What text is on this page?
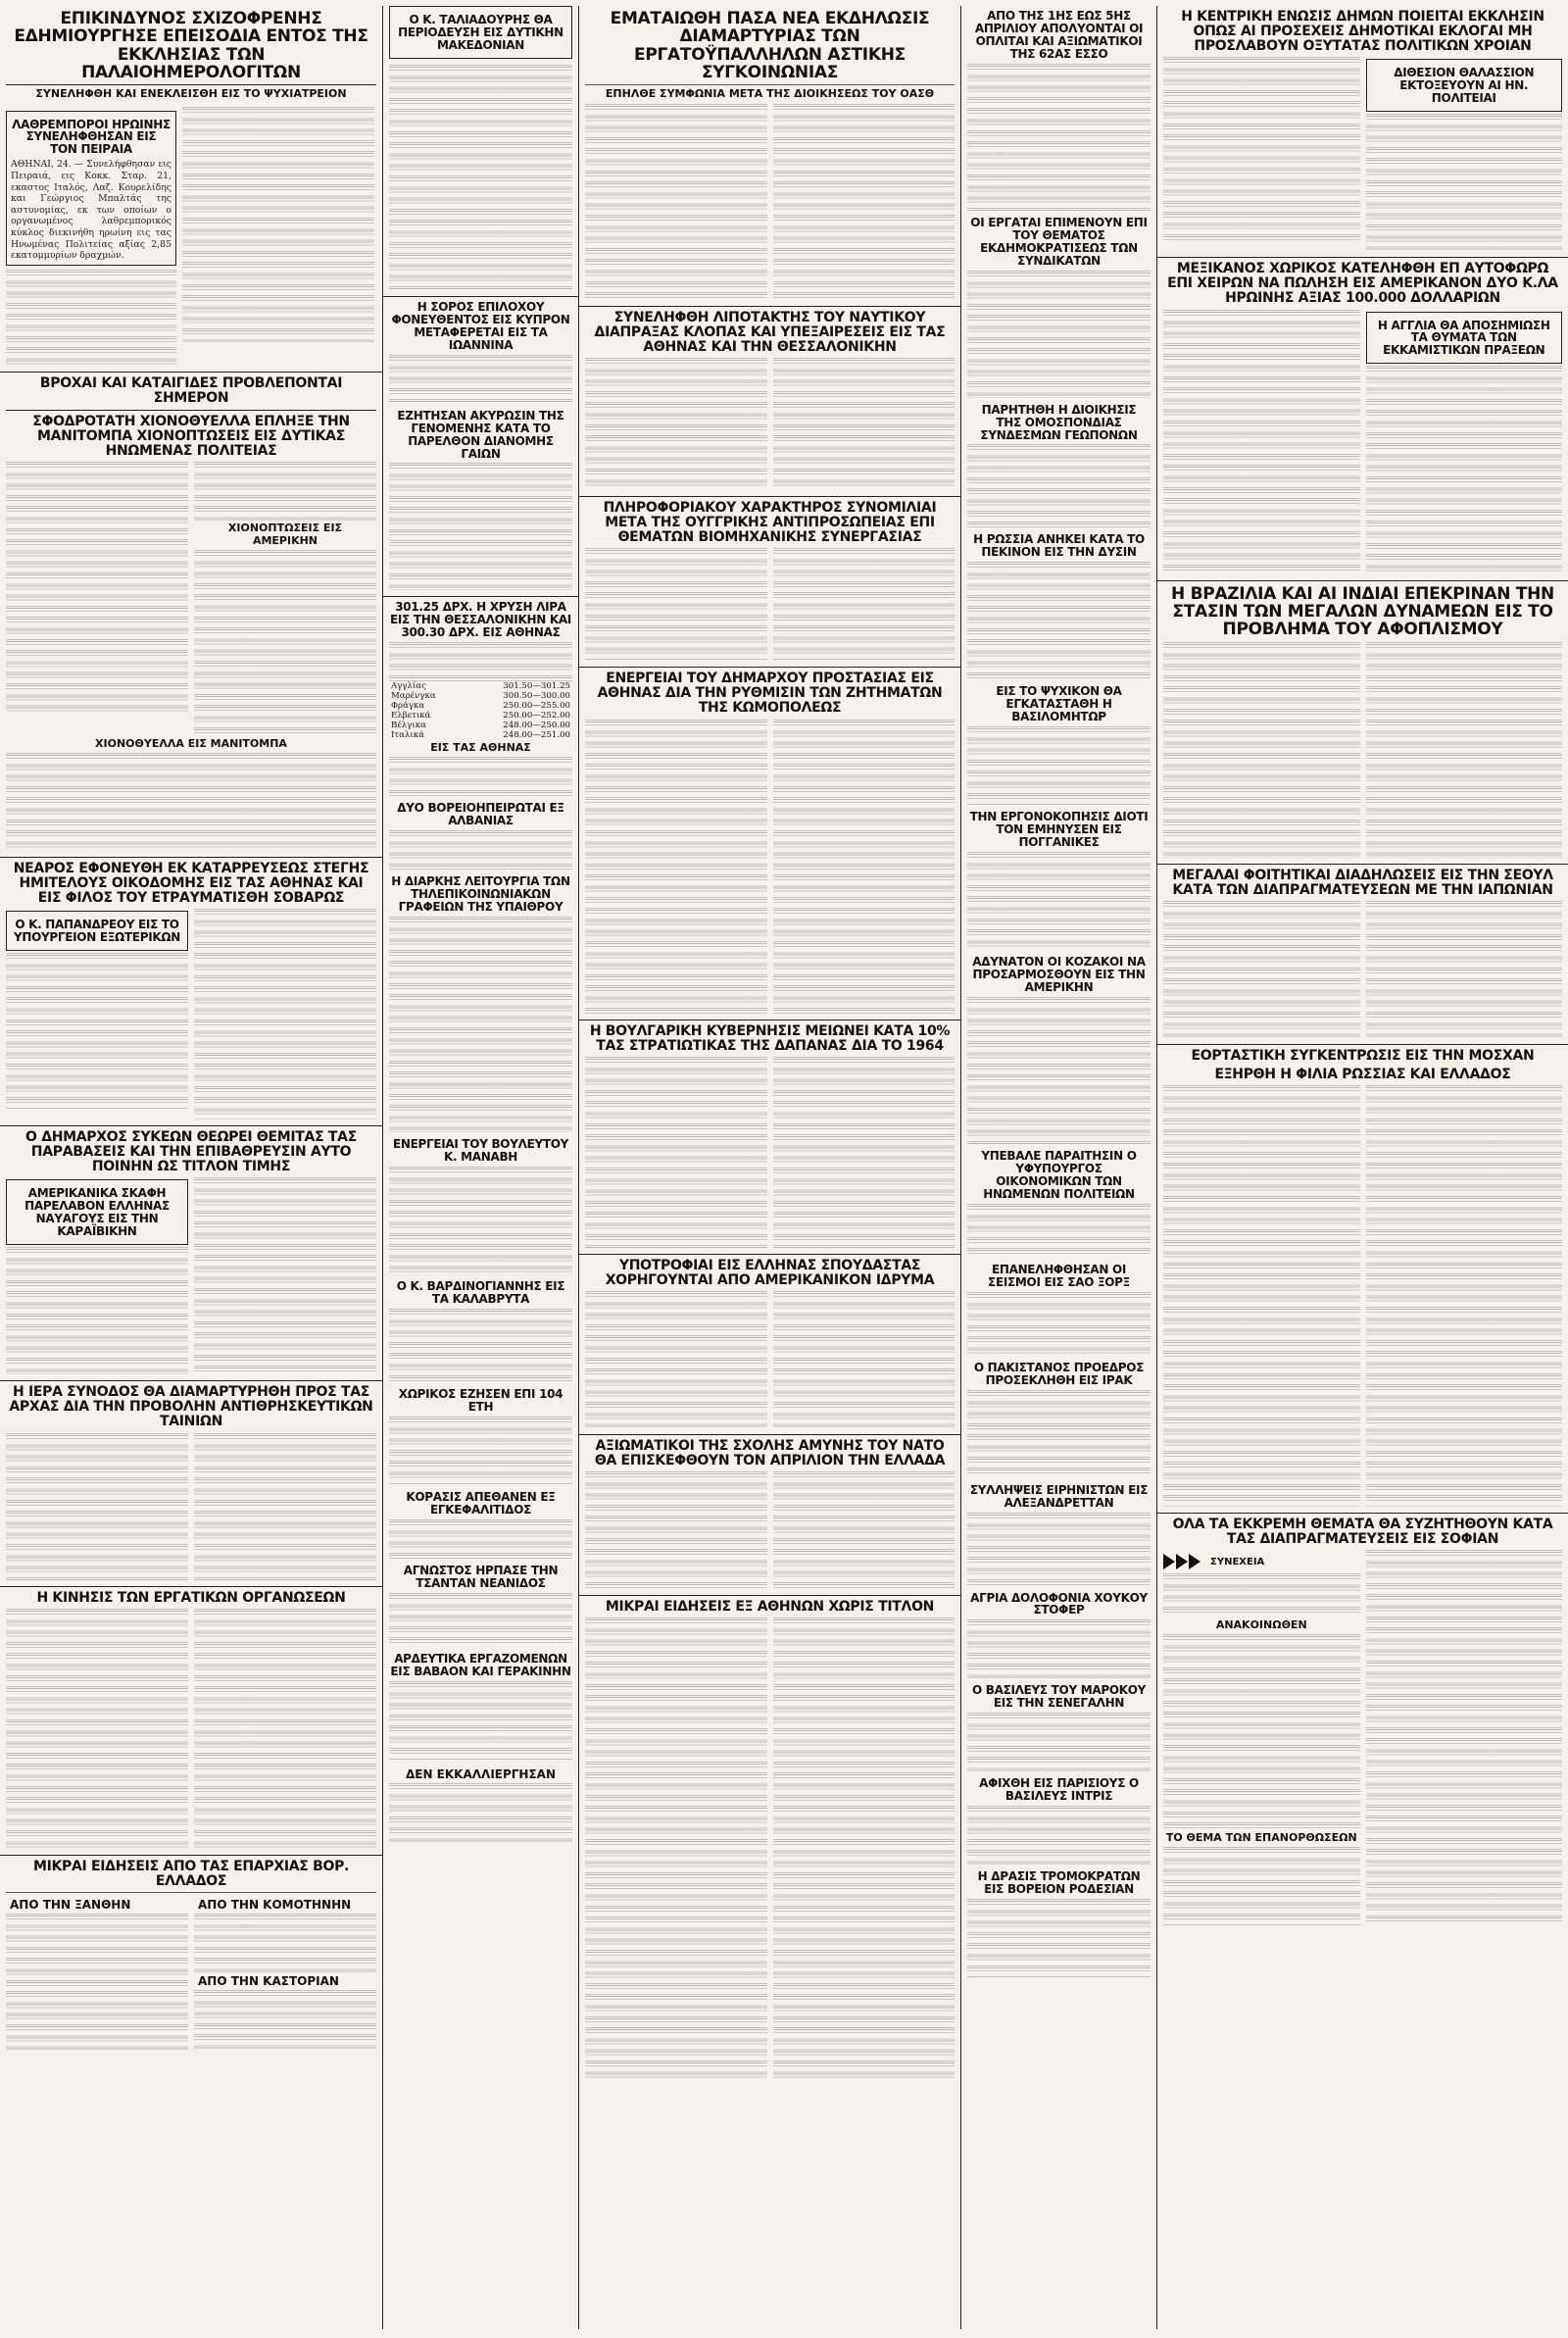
ΕΠΙΚΙΝΔΥΝΟΣ ΣΧΙΖΟΦΡΕΝΗΣ ΕΔΗΜΙΟΥΡΓΗΣΕ ΕΠΕΙΣΟΔΙΑ ΕΝΤΟΣ ΤΗΣ ΕΚΚΛΗΣΙΑΣ ΤΩΝ ΠΑΛΑΙΟΗΜΕΡΟΛΟΓΙΤΩΝ
ΣΥΝΕΛΗΦΘΗ ΚΑΙ ΕΝΕΚΛΕΙΣΘΗ ΕΙΣ ΤΟ ΨΥΧΙΑΤΡΕΙΟΝ
ΛΑΘΡΕΜΠΟΡΟΙ ΗΡΩΙΝΗΣ ΣΥΝΕΛΗΦΘΗΣΑΝ ΕΙΣ ΤΟΝ ΠΕΙΡΑΙΑ
ΑΘΗΝΑΙ, 24. — Συνελήφθησαν εις Πειραιά, εις Κοκκ. Σταρ. 21, εκαστος Ιταλός, Λαζ. Κουρελίδης και Γεώργιος Μπαλτάς της αστυνομίας, εκ των οποίων ο οργανωμένος λαθρεμπορικός κύκλος διεκινήθη ηρωίνη εις τας Ηνωμένας Πολιτείας αξίας 2,85 εκατομμυρίων δραχμών.
ΒΡΟΧΑΙ ΚΑΙ ΚΑΤΑΙΓΙΔΕΣ ΠΡΟΒΛΕΠΟΝΤΑΙ ΣΗΜΕΡΟΝ
ΣΦΟΔΡΟΤΑΤΗ ΧΙΟΝΟΘΥΕΛΛΑ ΕΠΛΗΞΕ ΤΗΝ ΜΑΝΙΤΟΜΠΑ ΧΙΟΝΟΠΤΩΣΕΙΣ ΕΙΣ ΔΥΤΙΚΑΣ ΗΝΩΜΕΝΑΣ ΠΟΛΙΤΕΙΑΣ
ΧΙΟΝΟΠΤΩΣΕΙΣ ΕΙΣ ΑΜΕΡΙΚΗΝ
ΧΙΟΝΟΘΥΕΛΛΑ ΕΙΣ ΜΑΝΙΤΟΜΠΑ
ΝΕΑΡΟΣ ΕΦΟΝΕΥΘΗ ΕΚ ΚΑΤΑΡΡΕΥΣΕΩΣ ΣΤΕΓΗΣ ΗΜΙΤΕΛΟΥΣ ΟΙΚΟΔΟΜΗΣ ΕΙΣ ΤΑΣ ΑΘΗΝΑΣ ΚΑΙ ΕΙΣ ΦΙΛΟΣ ΤΟΥ ΕΤΡΑΥΜΑΤΙΣΘΗ ΣΟΒΑΡΩΣ
Ο Κ. ΠΑΠΑΝΔΡΕΟΥ ΕΙΣ ΤΟ ΥΠΟΥΡΓΕΙΟΝ ΕΞΩΤΕΡΙΚΩΝ
Ο ΔΗΜΑΡΧΟΣ ΣΥΚΕΩΝ ΘΕΩΡΕΙ ΘΕΜΙΤΑΣ ΤΑΣ ΠΑΡΑΒΑΣΕΙΣ ΚΑΙ ΤΗΝ ΕΠΙΒΑΘΡΕΥΣΙΝ ΑΥΤΟ ΠΟΙΝΗΝ ΩΣ ΤΙΤΛΟΝ ΤΙΜΗΣ
ΑΜΕΡΙΚΑΝΙΚΑ ΣΚΑΦΗ ΠΑΡΕΛΑΒΟΝ ΕΛΛΗΝΑΣ ΝΑΥΑΓΟΥΣ ΕΙΣ ΤΗΝ ΚΑΡΑΪΒΙΚΗΝ
Η ΙΕΡΑ ΣΥΝΟΔΟΣ ΘΑ ΔΙΑΜΑΡΤΥΡΗΘΗ ΠΡΟΣ ΤΑΣ ΑΡΧΑΣ ΔΙΑ ΤΗΝ ΠΡΟΒΟΛΗΝ ΑΝΤΙΘΡΗΣΚΕΥΤΙΚΩΝ ΤΑΙΝΙΩΝ
Η ΚΙΝΗΣΙΣ ΤΩΝ ΕΡΓΑΤΙΚΩΝ ΟΡΓΑΝΩΣΕΩΝ
ΜΙΚΡΑΙ ΕΙΔΗΣΕΙΣ ΑΠΟ ΤΑΣ ΕΠΑΡΧΙΑΣ ΒΟΡ. ΕΛΛΑΔΟΣ
ΑΠΟ ΤΗΝ ΞΑΝΘΗΝ	ΑΠΟ ΤΗΝ ΚΟΜΟΤΗΝΗΝ
ΑΠΟ ΤΗΝ ΚΑΣΤΟΡΙΑΝ
Ο Κ. ΤΑΛΙΑΔΟΥΡΗΣ ΘΑ ΠΕΡΙΟΔΕΥΣΗ ΕΙΣ ΔΥΤΙΚΗΝ ΜΑΚΕΔΟΝΙΑΝ
Η ΣΟΡΟΣ ΕΠΙΛΟΧΟΥ ΦΟΝΕΥΘΕΝΤΟΣ ΕΙΣ ΚΥΠΡΟΝ ΜΕΤΑΦΕΡΕΤΑΙ ΕΙΣ ΤΑ ΙΩΑΝΝΙΝΑ
ΕΖΗΤΗΣΑΝ ΑΚΥΡΩΣΙΝ ΤΗΣ ΓΕΝΟΜΕΝΗΣ ΚΑΤΑ ΤΟ ΠΑΡΕΛΘΟΝ ΔΙΑΝΟΜΗΣ ΓΑΙΩΝ
301.25 ΔΡΧ. Η ΧΡΥΣΗ ΛΙΡΑ ΕΙΣ ΤΗΝ ΘΕΣΣΑΛΟΝΙΚΗΝ ΚΑΙ 300.30 ΔΡΧ. ΕΙΣ ΑΘΗΝΑΣ
Αγγλίας	301.50—301.25
Μαρένγκα	300.50—300.00
Φράγκα	250.00—255.00
Ελβετικά	250.00—252.00
Βέλγικα	248.00—250.00
Ιταλικά	248.00—251.00
ΕΙΣ ΤΑΣ ΑΘΗΝΑΣ
ΔΥΟ ΒΟΡΕΙΟΗΠΕΙΡΩΤΑΙ ΕΞ ΑΛΒΑΝΙΑΣ
Η ΔΙΑΡΚΗΣ ΛΕΙΤΟΥΡΓΙΑ ΤΩΝ ΤΗΛΕΠΙΚΟΙΝΩΝΙΑΚΩΝ ΓΡΑΦΕΙΩΝ ΤΗΣ ΥΠΑΙΘΡΟΥ
ΕΝΕΡΓΕΙΑΙ ΤΟΥ ΒΟΥΛΕΥΤΟΥ Κ. ΜΑΝΑΒΗ
Ο Κ. ΒΑΡΔΙΝΟΓΙΑΝΝΗΣ ΕΙΣ ΤΑ ΚΑΛΑΒΡΥΤΑ
ΧΩΡΙΚΟΣ ΕΖΗΣΕΝ ΕΠΙ 104 ΕΤΗ
ΚΟΡΑΣΙΣ ΑΠΕΘΑΝΕΝ ΕΞ ΕΓΚΕΦΑΛΙΤΙΔΟΣ
ΑΓΝΩΣΤΟΣ ΗΡΠΑΣΕ ΤΗΝ ΤΣΑΝΤΑΝ ΝΕΑΝΙΔΟΣ
ΑΡΔΕΥΤΙΚΑ ΕΡΓΑΖΟΜΕΝΩΝ ΕΙΣ ΒΑΒΑΟΝ ΚΑΙ ΓΕΡΑΚΙΝΗΝ
ΔΕΝ ΕΚΚΑΛΛΙΕΡΓΗΣΑΝ
ΕΜΑΤΑΙΩΘΗ ΠΑΣΑ ΝΕΑ ΕΚΔΗΛΩΣΙΣ ΔΙΑΜΑΡΤΥΡΙΑΣ ΤΩΝ ΕΡΓΑΤΟΫΠΑΛΛΗΛΩΝ ΑΣΤΙΚΗΣ ΣΥΓΚΟΙΝΩΝΙΑΣ
ΕΠΗΛΘΕ ΣΥΜΦΩΝΙΑ ΜΕΤΑ ΤΗΣ ΔΙΟΙΚΗΣΕΩΣ ΤΟΥ ΟΑΣΘ
ΣΥΝΕΛΗΦΘΗ ΛΙΠΟΤΑΚΤΗΣ ΤΟΥ ΝΑΥΤΙΚΟΥ ΔΙΑΠΡΑΞΑΣ ΚΛΟΠΑΣ ΚΑΙ ΥΠΕΞΑΙΡΕΣΕΙΣ ΕΙΣ ΤΑΣ ΑΘΗΝΑΣ ΚΑΙ ΤΗΝ ΘΕΣΣΑΛΟΝΙΚΗΝ
ΠΛΗΡΟΦΟΡΙΑΚΟΥ ΧΑΡΑΚΤΗΡΟΣ ΣΥΝΟΜΙΛΙΑΙ ΜΕΤΑ ΤΗΣ ΟΥΓΓΡΙΚΗΣ ΑΝΤΙΠΡΟΣΩΠΕΙΑΣ ΕΠΙ ΘΕΜΑΤΩΝ ΒΙΟΜΗΧΑΝΙΚΗΣ ΣΥΝΕΡΓΑΣΙΑΣ
ΕΝΕΡΓΕΙΑΙ ΤΟΥ ΔΗΜΑΡΧΟΥ ΠΡΟΣΤΑΣΙΑΣ ΕΙΣ ΑΘΗΝΑΣ ΔΙΑ ΤΗΝ ΡΥΘΜΙΣΙΝ ΤΩΝ ΖΗΤΗΜΑΤΩΝ ΤΗΣ ΚΩΜΟΠΟΛΕΩΣ
Η ΒΟΥΛΓΑΡΙΚΗ ΚΥΒΕΡΝΗΣΙΣ ΜΕΙΩΝΕΙ ΚΑΤΑ 10% ΤΑΣ ΣΤΡΑΤΙΩΤΙΚΑΣ ΤΗΣ ΔΑΠΑΝΑΣ ΔΙΑ ΤΟ 1964
ΥΠΟΤΡΟΦΙΑΙ ΕΙΣ ΕΛΛΗΝΑΣ ΣΠΟΥΔΑΣΤΑΣ ΧΟΡΗΓΟΥΝΤΑΙ ΑΠΟ ΑΜΕΡΙΚΑΝΙΚΟΝ ΙΔΡΥΜΑ
ΑΞΙΩΜΑΤΙΚΟΙ ΤΗΣ ΣΧΟΛΗΣ ΑΜΥΝΗΣ ΤΟΥ ΝΑΤΟ ΘΑ ΕΠΙΣΚΕΦΘΟΥΝ ΤΟΝ ΑΠΡΙΛΙΟΝ ΤΗΝ ΕΛΛΑΔΑ
ΜΙΚΡΑΙ ΕΙΔΗΣΕΙΣ ΕΞ ΑΘΗΝΩΝ ΧΩΡΙΣ ΤΙΤΛΟΝ
ΑΠΟ ΤΗΣ 1ΗΣ ΕΩΣ 5ΗΣ ΑΠΡΙΛΙΟΥ ΑΠΟΛΥΟΝΤΑΙ ΟΙ ΟΠΛΙΤΑΙ ΚΑΙ ΑΞΙΩΜΑΤΙΚΟΙ ΤΗΣ 62ΑΣ ΕΣΣΟ
ΟΙ ΕΡΓΑΤΑΙ ΕΠΙΜΕΝΟΥΝ ΕΠΙ ΤΟΥ ΘΕΜΑΤΟΣ ΕΚΔΗΜΟΚΡΑΤΙΣΕΩΣ ΤΩΝ ΣΥΝΔΙΚΑΤΩΝ
ΠΑΡΗΤΗΘΗ Η ΔΙΟΙΚΗΣΙΣ ΤΗΣ ΟΜΟΣΠΟΝΔΙΑΣ ΣΥΝΔΕΣΜΩΝ ΓΕΩΠΟΝΩΝ
Η ΡΩΣΣΙΑ ΑΝΗΚΕΙ ΚΑΤΑ ΤΟ ΠΕΚΙΝΟΝ ΕΙΣ ΤΗΝ ΔΥΣΙΝ
ΕΙΣ ΤΟ ΨΥΧΙΚΟΝ ΘΑ ΕΓΚΑΤΑΣΤΑΘΗ Η ΒΑΣΙΛΟΜΗΤΩΡ
ΤΗΝ ΕΡΓΟΝΟΚΟΠΗΣΙΣ ΔΙΟΤΙ ΤΟΝ ΕΜΗΝΥΣΕΝ ΕΙΣ ΠΟΓΓΑΝΙΚΕΣ
ΑΔΥΝΑΤΟΝ ΟΙ ΚΟΖΑΚΟΙ ΝΑ ΠΡΟΣΑΡΜΟΣΘΟΥΝ ΕΙΣ ΤΗΝ ΑΜΕΡΙΚΗΝ
ΥΠΕΒΑΛΕ ΠΑΡΑΙΤΗΣΙΝ Ο ΥΦΥΠΟΥΡΓΟΣ ΟΙΚΟΝΟΜΙΚΩΝ ΤΩΝ ΗΝΩΜΕΝΩΝ ΠΟΛΙΤΕΙΩΝ
ΕΠΑΝΕΛΗΦΘΗΣΑΝ ΟΙ ΣΕΙΣΜΟΙ ΕΙΣ ΣΑΟ ΞΟΡΞ
Ο ΠΑΚΙΣΤΑΝΟΣ ΠΡΟΕΔΡΟΣ ΠΡΟΣΕΚΛΗΘΗ ΕΙΣ ΙΡΑΚ
ΣΥΛΛΗΨΕΙΣ ΕΙΡΗΝΙΣΤΩΝ ΕΙΣ ΑΛΕΞΑΝΔΡΕΤΤΑΝ
ΑΓΡΙΑ ΔΟΛΟΦΟΝΙΑ ΧΟΥΚΟΥ ΣΤΟΦΕΡ
Ο ΒΑΣΙΛΕΥΣ ΤΟΥ ΜΑΡΟΚΟΥ ΕΙΣ ΤΗΝ ΣΕΝΕΓΑΛΗΝ
ΑΦΙΧΘΗ ΕΙΣ ΠΑΡΙΣΙΟΥΣ Ο ΒΑΣΙΛΕΥΣ ΙΝΤΡΙΣ
Η ΔΡΑΣΙΣ ΤΡΟΜΟΚΡΑΤΩΝ ΕΙΣ ΒΟΡΕΙΟΝ ΡΟΔΕΣΙΑΝ
Η ΚΕΝΤΡΙΚΗ ΕΝΩΣΙΣ ΔΗΜΩΝ ΠΟΙΕΙΤΑΙ ΕΚΚΛΗΣΙΝ ΟΠΩΣ ΑΙ ΠΡΟΣΕΧΕΙΣ ΔΗΜΟΤΙΚΑΙ ΕΚΛΟΓΑΙ ΜΗ ΠΡΟΣΛΑΒΟΥΝ ΟΞΥΤΑΤΑΣ ΠΟΛΙΤΙΚΩΝ ΧΡΟΙΑΝ
ΔΙΘΕΣΙΟΝ ΘΑΛΑΣΣΙΟΝ ΕΚΤΟΞΕΥΟΥΝ ΑΙ ΗΝ. ΠΟΛΙΤΕΙΑΙ
ΜΕΞΙΚΑΝΟΣ ΧΩΡΙΚΟΣ ΚΑΤΕΛΗΦΘΗ ΕΠ ΑΥΤΟΦΩΡΩ ΕΠΙ ΧΕΙΡΩΝ ΝΑ ΠΩΛΗΣΗ ΕΙΣ ΑΜΕΡΙΚΑΝΟΝ ΔΥΟ Κ.ΛΑ ΗΡΩΙΝΗΣ ΑΞΙΑΣ 100.000 ΔΟΛΛΑΡΙΩΝ
Η ΑΓΓΛΙΑ ΘΑ ΑΠΟΣΗΜΙΩΣΗ ΤΑ ΘΥΜΑΤΑ ΤΩΝ ΕΚΚΑΜΙΣΤΙΚΩΝ ΠΡΑΞΕΩΝ
Η ΒΡΑΖΙΛΙΑ ΚΑΙ ΑΙ ΙΝΔΙΑΙ ΕΠΕΚΡΙΝΑΝ ΤΗΝ ΣΤΑΣΙΝ ΤΩΝ ΜΕΓΑΛΩΝ ΔΥΝΑΜΕΩΝ ΕΙΣ ΤΟ ΠΡΟΒΛΗΜΑ ΤΟΥ ΑΦΟΠΛΙΣΜΟΥ
ΜΕΓΑΛΑΙ ΦΟΙΤΗΤΙΚΑΙ ΔΙΑΔΗΛΩΣΕΙΣ ΕΙΣ ΤΗΝ ΣΕΟΥΛ ΚΑΤΑ ΤΩΝ ΔΙΑΠΡΑΓΜΑΤΕΥΣΕΩΝ ΜΕ ΤΗΝ ΙΑΠΩΝΙΑΝ
ΕΟΡΤΑΣΤΙΚΗ ΣΥΓΚΕΝΤΡΩΣΙΣ ΕΙΣ ΤΗΝ ΜΟΣΧΑΝ
ΕΞΗΡΘΗ Η ΦΙΛΙΑ ΡΩΣΣΙΑΣ ΚΑΙ ΕΛΛΑΔΟΣ
ΟΛΑ ΤΑ ΕΚΚΡΕΜΗ ΘΕΜΑΤΑ ΘΑ ΣΥΖΗΤΗΘΟΥΝ ΚΑΤΑ ΤΑΣ ΔΙΑΠΡΑΓΜΑΤΕΥΣΕΙΣ ΕΙΣ ΣΟΦΙΑΝ
ΣΥΝΕΧΕΙΑ
ΑΝΑΚΟΙΝΩΘΕΝ
ΤΟ ΘΕΜΑ ΤΩΝ ΕΠΑΝΟΡΘΩΣΕΩΝ
